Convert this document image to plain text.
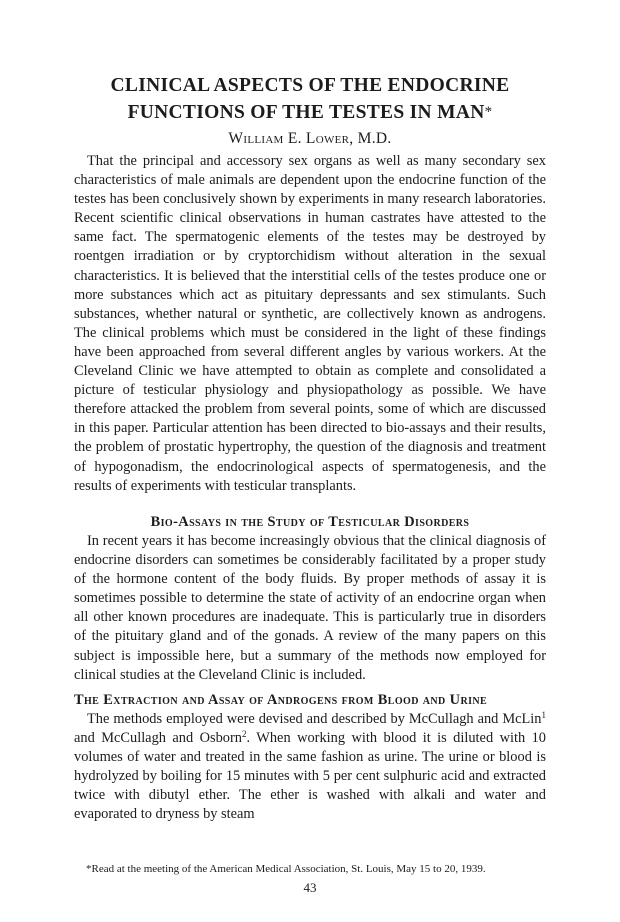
CLINICAL ASPECTS OF THE ENDOCRINE
FUNCTIONS OF THE TESTES IN MAN*
William E. Lower, M.D.

That the principal and accessory sex organs as well as many secondary sex characteristics of male animals are dependent upon the endocrine function of the testes has been conclusively shown by experiments in many research laboratories. Recent scientific clinical observations in human castrates have attested to the same fact. The spermatogenic elements of the testes may be destroyed by roentgen irradiation or by cryptorchidism without alteration in the sexual characteristics. It is believed that the interstitial cells of the testes produce one or more substances which act as pituitary depressants and sex stimulants. Such substances, whether natural or synthetic, are collectively known as androgens. The clinical problems which must be considered in the light of these findings have been approached from several different angles by various workers. At the Cleveland Clinic we have attempted to obtain as complete and consolidated a picture of testicular physiology and physiopathology as possible. We have therefore attacked the problem from several points, some of which are discussed in this paper. Particular attention has been directed to bio-assays and their results, the problem of prostatic hypertrophy, the question of the diagnosis and treatment of hypogonadism, the endocrinological aspects of spermatogenesis, and the results of experiments with testicular transplants.

Bio-Assays in the Study of Testicular Disorders

In recent years it has become increasingly obvious that the clinical diagnosis of endocrine disorders can sometimes be considerably facilitated by a proper study of the hormone content of the body fluids. By proper methods of assay it is sometimes possible to determine the state of activity of an endocrine organ when all other known procedures are inadequate. This is particularly true in disorders of the pituitary gland and of the gonads. A review of the many papers on this subject is impossible here, but a summary of the methods now employed for clinical studies at the Cleveland Clinic is included.

The Extraction and Assay of Androgens from Blood and Urine

The methods employed were devised and described by McCullagh and McLin$^1$ and McCullagh and Osborn$^2$. When working with blood it is diluted with 10 volumes of water and treated in the same fashion as urine. The urine or blood is hydrolyzed by boiling for 15 minutes with 5 per cent sulphuric acid and extracted twice with dibutyl ether. The ether is washed with alkali and water and evaporated to dryness by steam

*Read at the meeting of the American Medical Association, St. Louis, May 15 to 20, 1939.

43
